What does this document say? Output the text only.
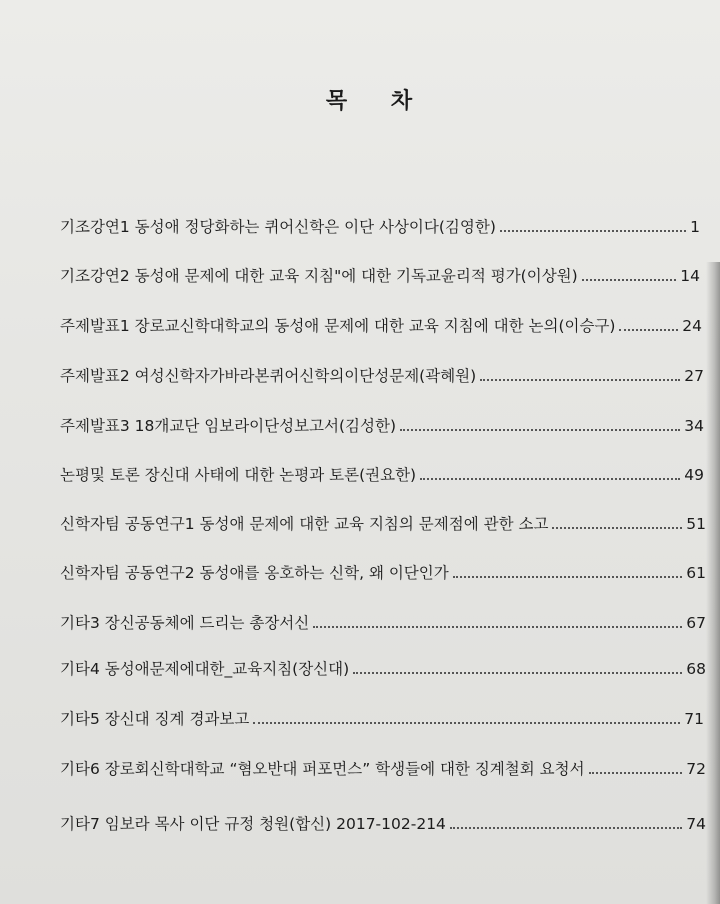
목 차
기조강연1 동성애 정당화하는 퀴어신학은 이단 사상이다(김영한)	1
기조강연2 동성애 문제에 대한 교육 지침"에 대한 기독교윤리적 평가(이상원)	14
주제발표1 장로교신학대학교의 동성애 문제에 대한 교육 지침에 대한 논의(이승구)	24
주제발표2 여성신학자가바라본퀴어신학의이단성문제(곽혜원)	27
주제발표3 18개교단 임보라이단성보고서(김성한)	34
논평및 토론 장신대 사태에 대한 논평과 토론(권요한)	49
신학자팀 공동연구1 동성애 문제에 대한 교육 지침의 문제점에 관한 소고	51
신학자팀 공동연구2 동성애를 옹호하는 신학, 왜 이단인가	61
기타3 장신공동체에 드리는 총장서신	67
기타4 동성애문제에대한_교육지침(장신대)	68
기타5 장신대 징계 경과보고	71
기타6 장로회신학대학교 “혐오반대 퍼포먼스” 학생들에 대한 징계철회 요청서	72
기타7 임보라 목사 이단 규정 청원(합신) 2017-102-214	74
